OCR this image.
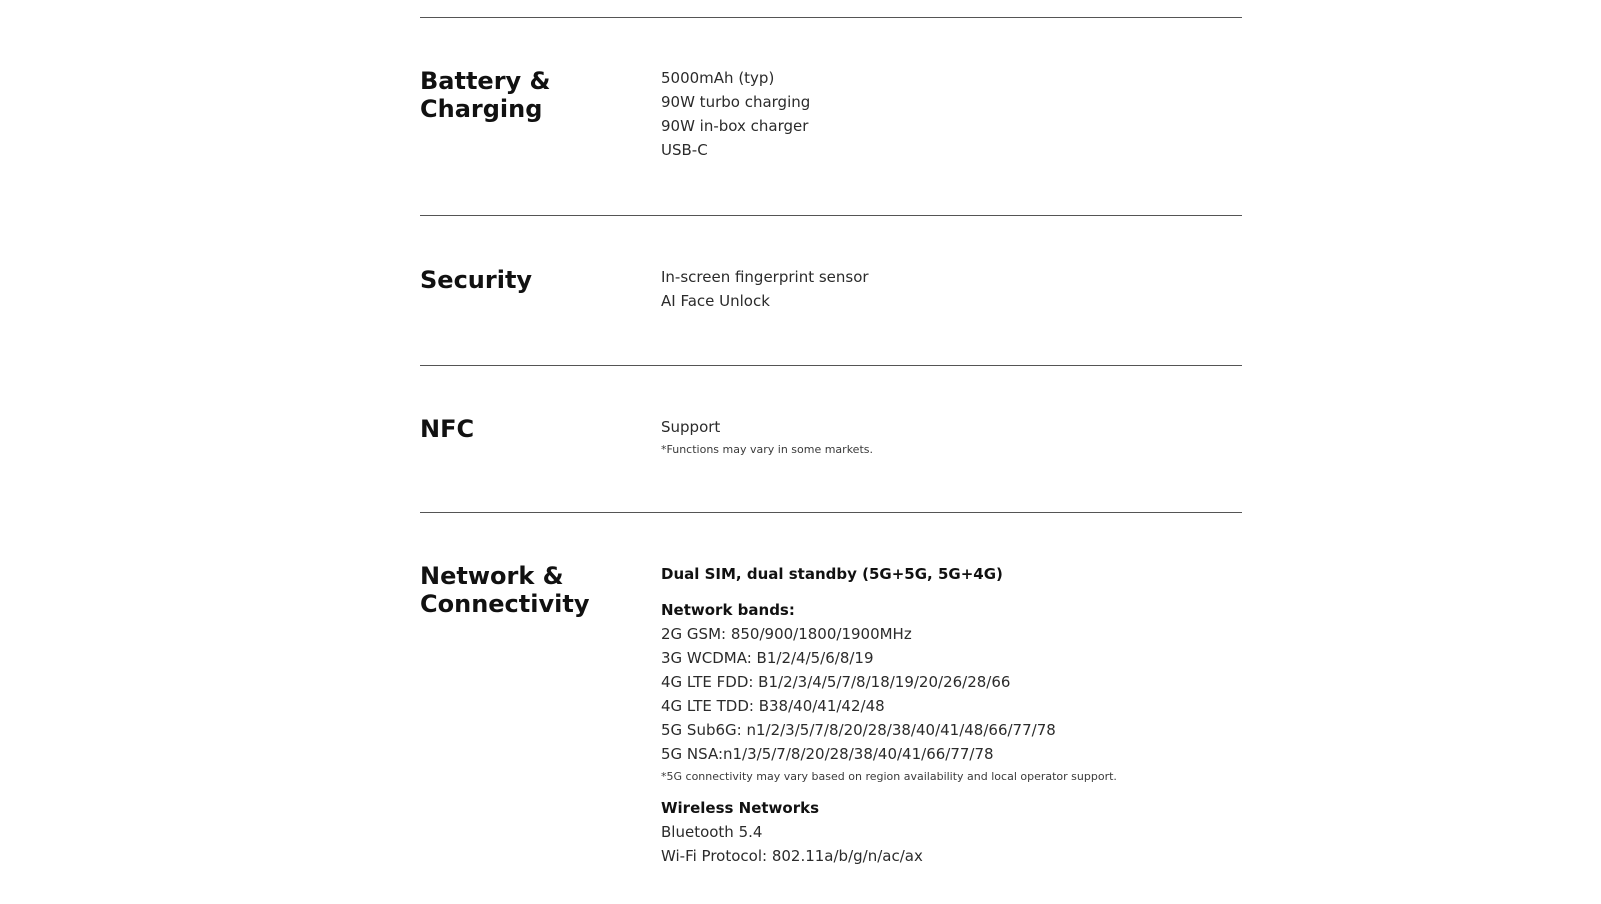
Battery &
Charging
5000mAh (typ)
90W turbo charging
90W in-box charger
USB-C
Security	In-screen fingerprint sensor
AI Face Unlock
NFC	Support
*Functions may vary in some markets.
Network &
Connectivity
Dual SIM, dual standby (5G+5G, 5G+4G)
Network bands:
2G GSM: 850/900/1800/1900MHz
3G WCDMA: B1/2/4/5/6/8/19
4G LTE FDD: B1/2/3/4/5/7/8/18/19/20/26/28/66
4G LTE TDD: B38/40/41/42/48
5G Sub6G: n1/2/3/5/7/8/20/28/38/40/41/48/66/77/78
5G NSA:n1/3/5/7/8/20/28/38/40/41/66/77/78
*5G connectivity may vary based on region availability and local operator support.
Wireless Networks
Bluetooth 5.4
Wi-Fi Protocol: 802.11a/b/g/n/ac/ax
